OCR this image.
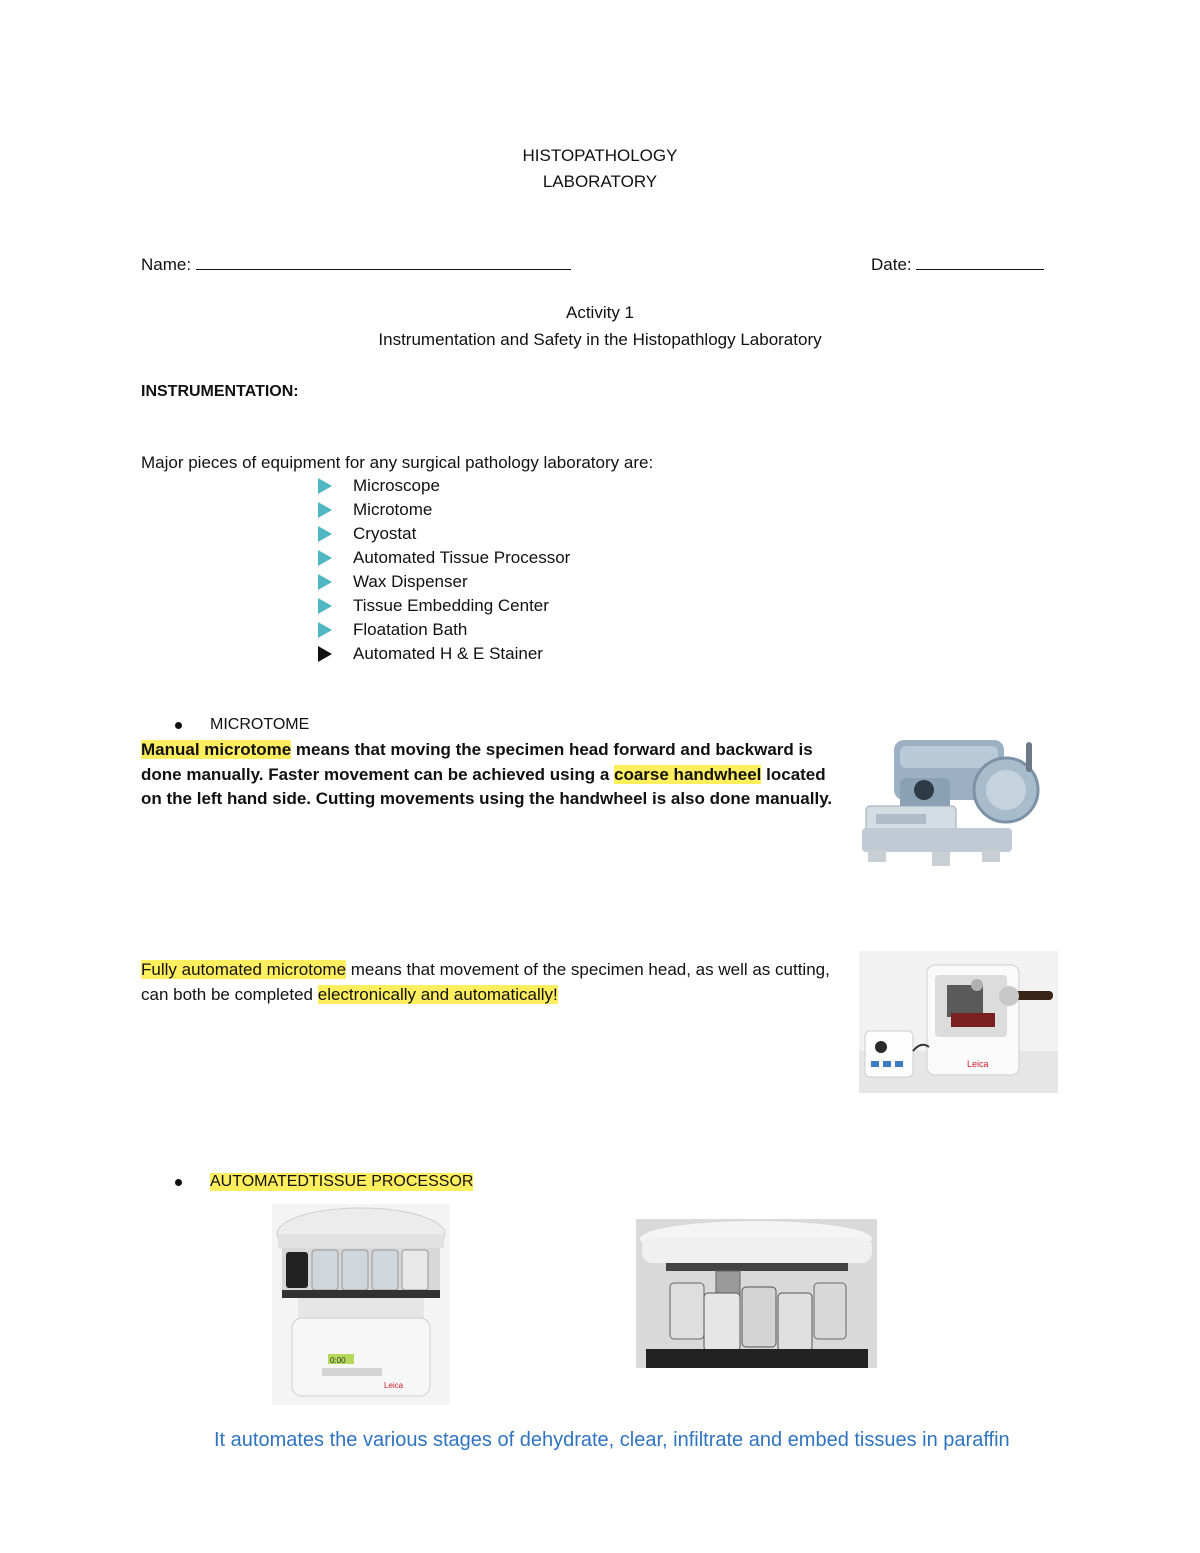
HISTOPATHOLOGY
LABORATORY
Name:	Date:
Activity 1
Instrumentation and Safety in the Histopathlogy Laboratory
INSTRUMENTATION:
Major pieces of equipment for any surgical pathology laboratory are:
Microscope
Microtome
Cryostat
Automated Tissue Processor
Wax Dispenser
Tissue Embedding Center
Floatation Bath
Automated H & E Stainer
MICROTOME
Manual microtome means that moving the specimen head forward and backward is done manually. Faster movement can be achieved using a coarse handwheel located on the left hand side. Cutting movements using the handwheel is also done manually.
Fully automated microtome means that movement of the specimen head, as well as cutting, can both be completed electronically and automatically!
Leica
AUTOMATED TISSUE PROCESSOR
0:00
Leica
It automates the various stages of dehydrate, clear, infiltrate and embed tissues in paraffin
